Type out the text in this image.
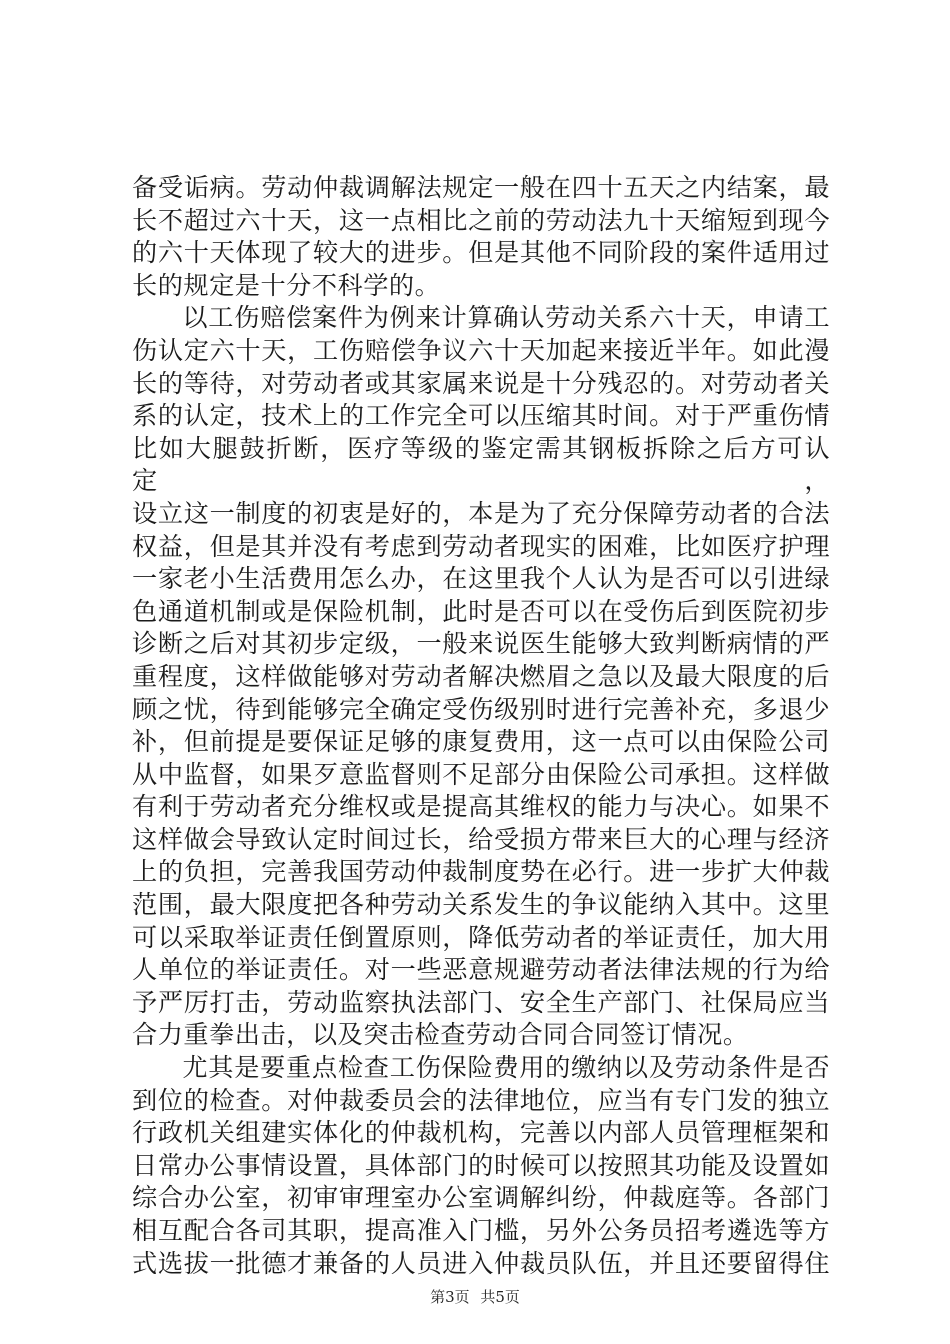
备受诟病。劳动仲裁调解法规定一般在四十五天之内结案，最
长不超过六十天，这一点相比之前的劳动法九十天缩短到现今
的六十天体现了较大的进步。但是其他不同阶段的案件适用过
长的规定是十分不科学的。
以工伤赔偿案件为例来计算确认劳动关系六十天，申请工
伤认定六十天，工伤赔偿争议六十天加起来接近半年。如此漫
长的等待，对劳动者或其家属来说是十分残忍的。对劳动者关
系的认定，技术上的工作完全可以压缩其时间。对于严重伤情
比如大腿鼓折断，医疗等级的鉴定需其钢板拆除之后方可认定，
设立这一制度的初衷是好的，本是为了充分保障劳动者的合法
权益，但是其并没有考虑到劳动者现实的困难，比如医疗护理
一家老小生活费用怎么办，在这里我个人认为是否可以引进绿
色通道机制或是保险机制，此时是否可以在受伤后到医院初步
诊断之后对其初步定级，一般来说医生能够大致判断病情的严
重程度，这样做能够对劳动者解决燃眉之急以及最大限度的后
顾之忧，待到能够完全确定受伤级别时进行完善补充，多退少
补，但前提是要保证足够的康复费用，这一点可以由保险公司
从中监督，如果歹意监督则不足部分由保险公司承担。这样做
有利于劳动者充分维权或是提高其维权的能力与决心。如果不
这样做会导致认定时间过长，给受损方带来巨大的心理与经济
上的负担，完善我国劳动仲裁制度势在必行。进一步扩大仲裁
范围，最大限度把各种劳动关系发生的争议能纳入其中。这里
可以采取举证责任倒置原则，降低劳动者的举证责任，加大用
人单位的举证责任。对一些恶意规避劳动者法律法规的行为给
予严厉打击，劳动监察执法部门、安全生产部门、社保局应当
合力重拳出击，以及突击检查劳动合同合同签订情况。
尤其是要重点检查工伤保险费用的缴纳以及劳动条件是否
到位的检查。对仲裁委员会的法律地位，应当有专门发的独立
行政机关组建实体化的仲裁机构，完善以内部人员管理框架和
日常办公事情设置，具体部门的时候可以按照其功能及设置如
综合办公室，初审审理室办公室调解纠纷，仲裁庭等。各部门
相互配合各司其职，提高准入门槛，另外公务员招考遴选等方
式选拔一批德才兼备的人员进入仲裁员队伍，并且还要留得住
第3页 共5页
